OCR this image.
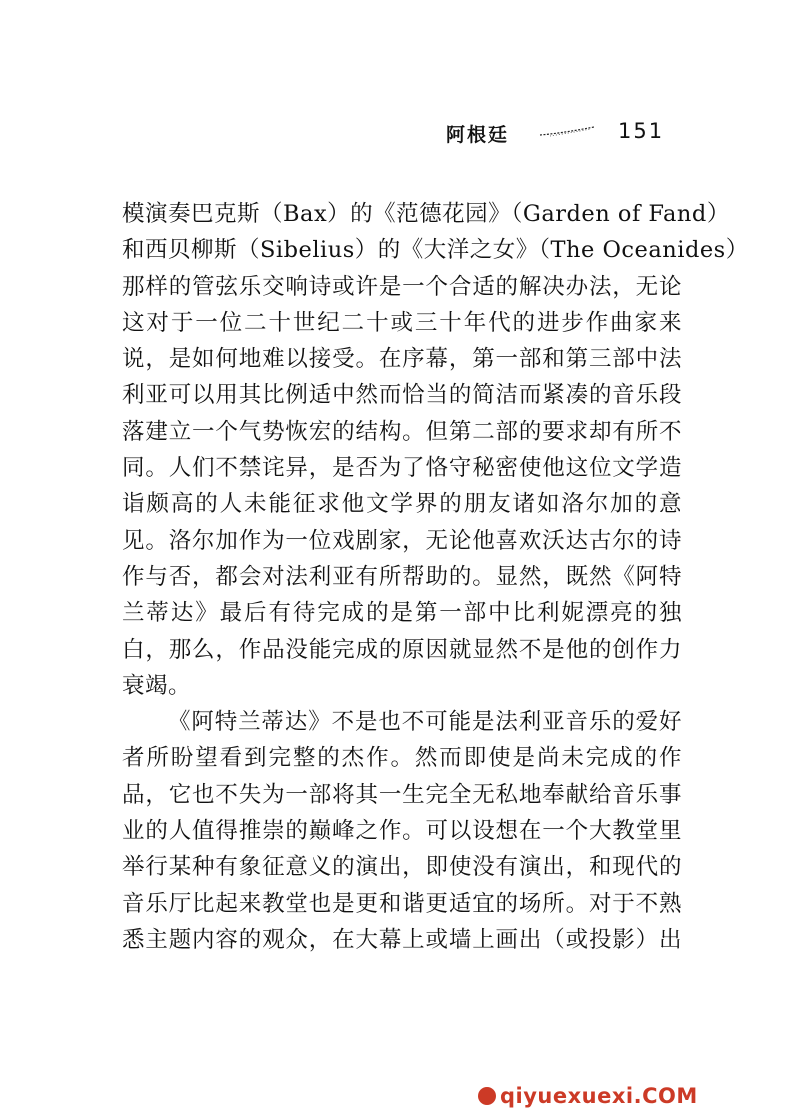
阿根廷	151
模演奏巴克斯（Bax）的《范德花园》（Garden of Fand）
和西贝柳斯（Sibelius）的《大洋之女》（The Oceanides）
那样的管弦乐交响诗或许是一个合适的解决办法，无论
这对于一位二十世纪二十或三十年代的进步作曲家来
说，是如何地难以接受。在序幕，第一部和第三部中法
利亚可以用其比例适中然而恰当的简洁而紧凑的音乐段
落建立一个气势恢宏的结构。但第二部的要求却有所不
同。人们不禁诧异，是否为了恪守秘密使他这位文学造
诣颇高的人未能征求他文学界的朋友诸如洛尔加的意
见。洛尔加作为一位戏剧家，无论他喜欢沃达古尔的诗
作与否，都会对法利亚有所帮助的。显然，既然《阿特
兰蒂达》最后有待完成的是第一部中比利妮漂亮的独
白，那么，作品没能完成的原因就显然不是他的创作力
衰竭。
《阿特兰蒂达》不是也不可能是法利亚音乐的爱好
者所盼望看到完整的杰作。然而即使是尚未完成的作
品，它也不失为一部将其一生完全无私地奉献给音乐事
业的人值得推崇的巅峰之作。可以设想在一个大教堂里
举行某种有象征意义的演出，即使没有演出，和现代的
音乐厅比起来教堂也是更和谐更适宜的场所。对于不熟
悉主题内容的观众，在大幕上或墙上画出（或投影）出
qiyuexuexi.COM
